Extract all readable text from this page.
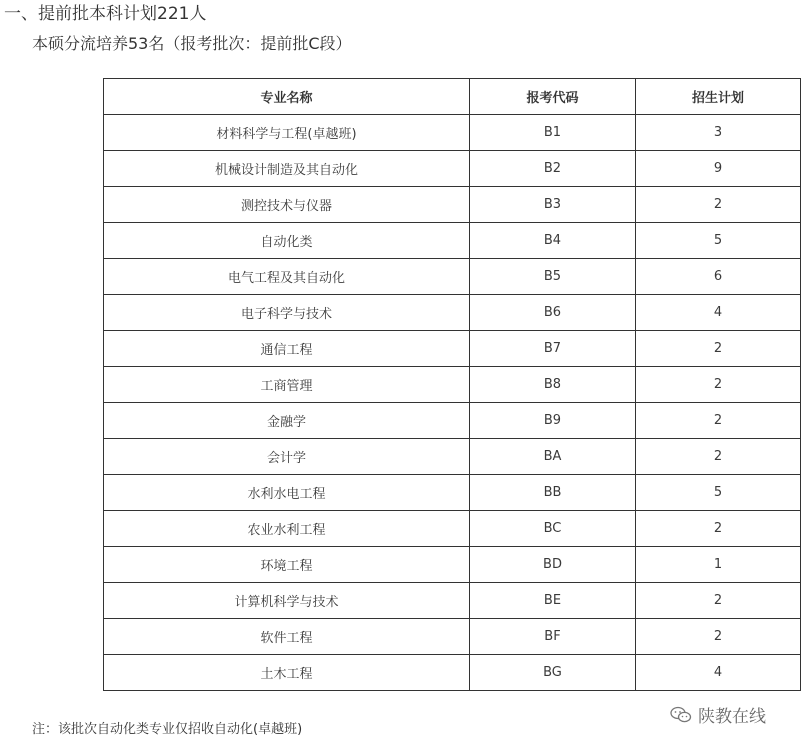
一、提前批本科计划221人
本硕分流培养53名（报考批次：提前批C段）
专业名称	报考代码	招生计划
材料科学与工程(卓越班)	B1	3
机械设计制造及其自动化	B2	9
测控技术与仪器	B3	2
自动化类	B4	5
电气工程及其自动化	B5	6
电子科学与技术	B6	4
通信工程	B7	2
工商管理	B8	2
金融学	B9	2
会计学	BA	2
水利水电工程	BB	5
农业水利工程	BC	2
环境工程	BD	1
计算机科学与技术	BE	2
软件工程	BF	2
土木工程	BG	4
注：该批次自动化类专业仅招收自动化(卓越班)
陕教在线
